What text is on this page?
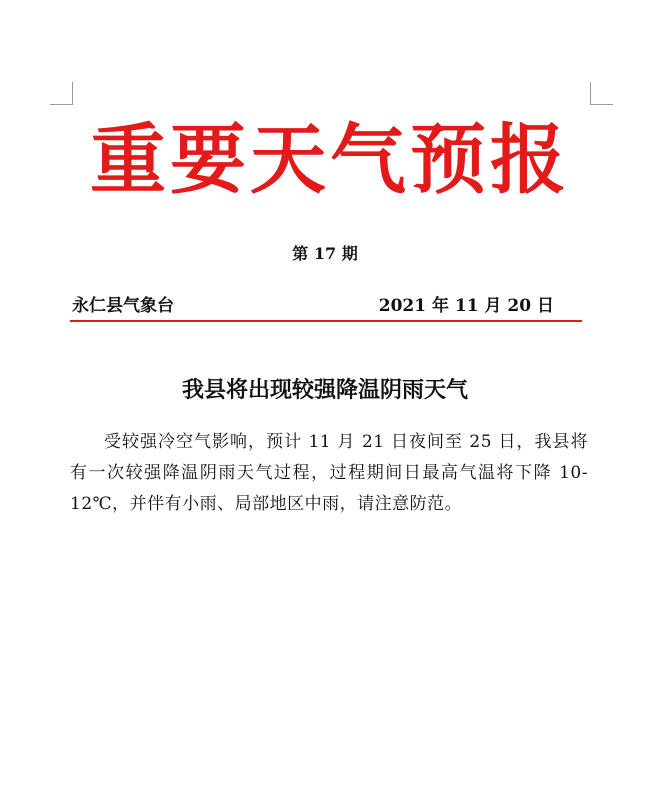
重要天气预报
第 17 期
永仁县气象台	2021 年 11 月 20 日
我县将出现较强降温阴雨天气
受较强冷空气影响，预计 11 月 21 日夜间至 25 日，我县将有一次较强降温阴雨天气过程，过程期间日最高气温将下降 10-12℃，并伴有小雨、局部地区中雨，请注意防范。
